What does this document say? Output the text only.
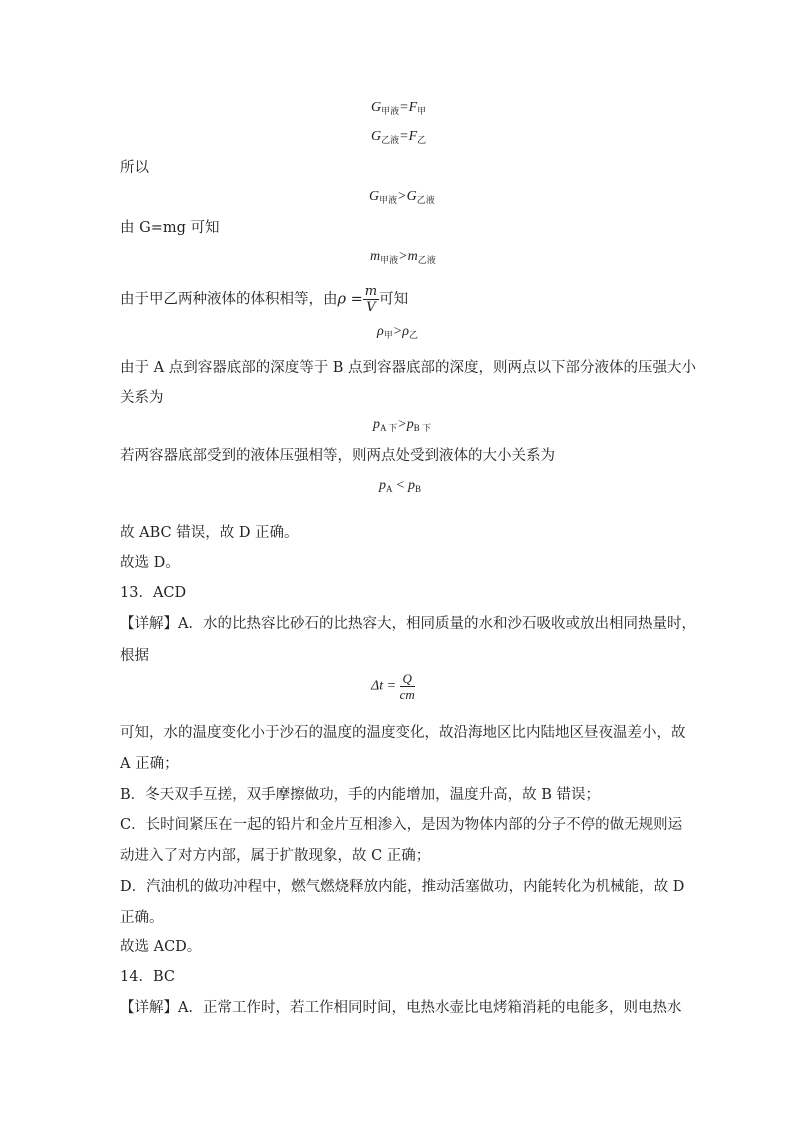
$G_{甲液}=F_甲$
$G_{乙液}=F_乙$
所以
$G_{甲液}>G_{乙液}$
由 G=mg 可知
$m_{甲液}>m_{乙液}$
由于甲乙两种液体的体积相等，由$\rho = \frac{m}{V}$ 可知
$\rho_甲>\rho_乙$
由于 A 点到容器底部的深度等于 B 点到容器底部的深度，则两点以下部分液体的压强大小
关系为
$p_{A 下}>p_{B 下}$
若两容器底部受到的液体压强相等，则两点处受到液体的大小关系为
$p_A < p_B$
故 ABC 错误，故 D 正确。
故选 D。
13．ACD
【详解】A．水的比热容比砂石的比热容大，相同质量的水和沙石吸收或放出相同热量时，
根据
$\Delta t = \frac{Q}{cm}$
可知，水的温度变化小于沙石的温度的温度变化，故沿海地区比内陆地区昼夜温差小，故
A 正确；
B．冬天双手互搓，双手摩擦做功，手的内能增加，温度升高，故 B 错误；
C．长时间紧压在一起的铅片和金片互相渗入，是因为物体内部的分子不停的做无规则运
动进入了对方内部，属于扩散现象，故 C 正确；
D．汽油机的做功冲程中，燃气燃烧释放内能，推动活塞做功，内能转化为机械能，故 D
正确。
故选 ACD。
14．BC
【详解】A．正常工作时，若工作相同时间，电热水壶比电烤箱消耗的电能多，则电热水
